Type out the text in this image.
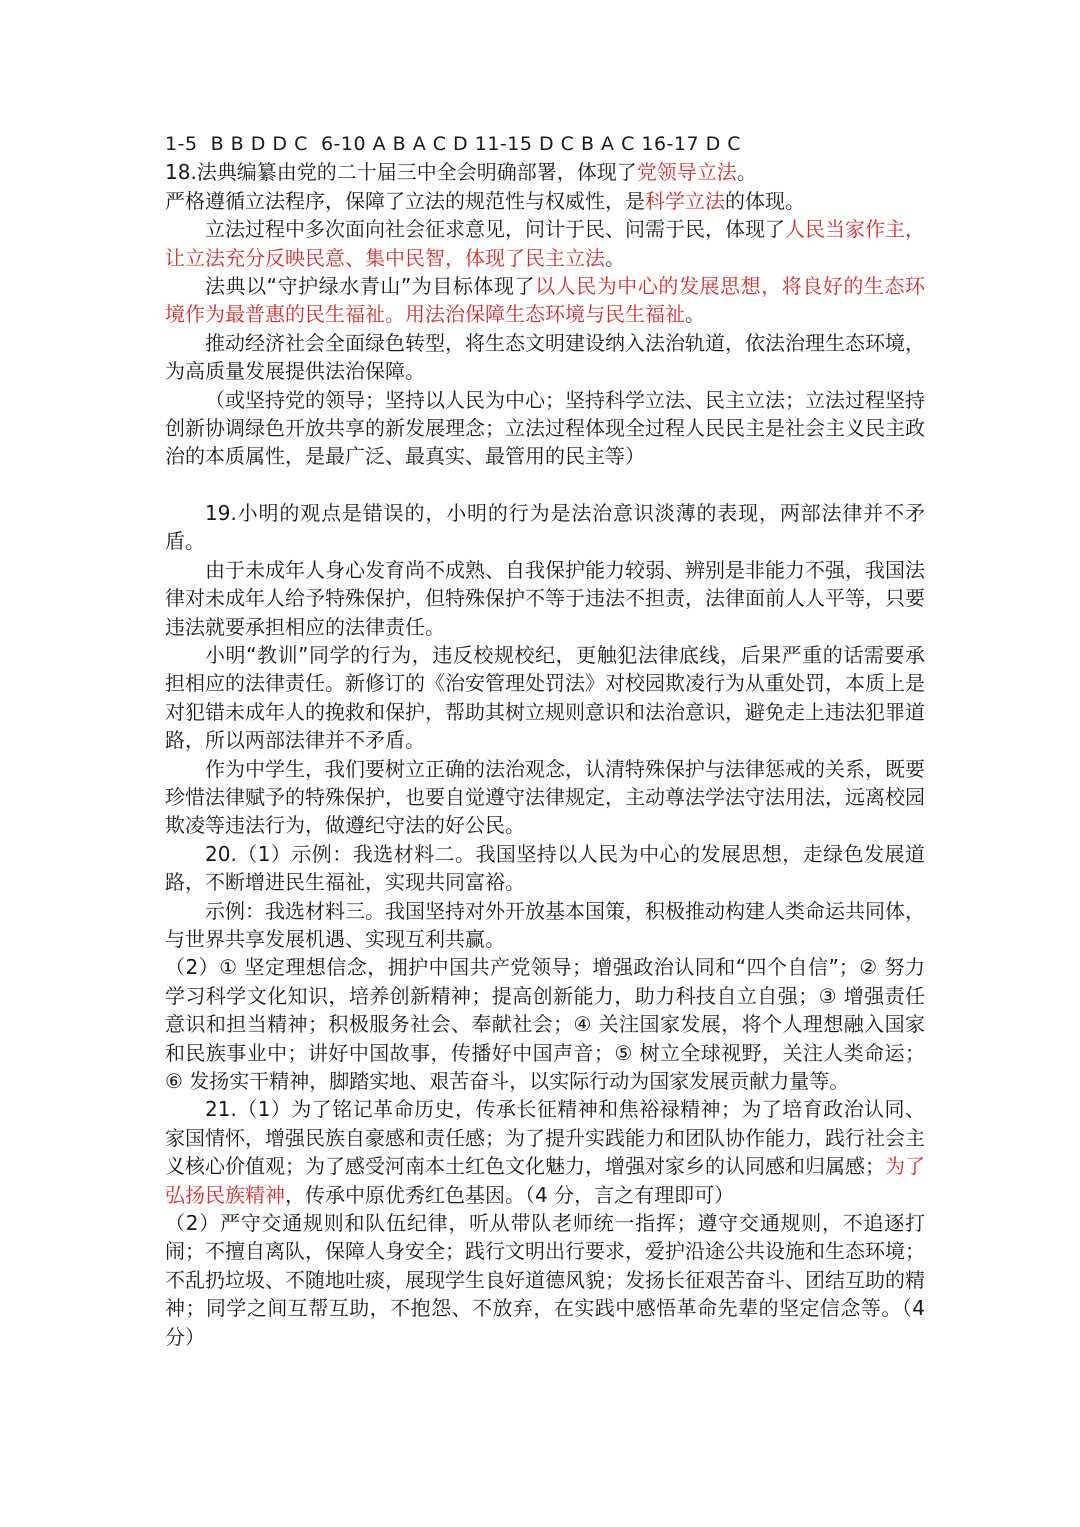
1-5  B B D D C  6-10 A B A C D 11-15 D C B A C 16-17 D C

18.法典编纂由党的二十届三中全会明确部署，体现了党领导立法。

严格遵循立法程序，保障了立法的规范性与权威性，是科学立法的体现。

立法过程中多次面向社会征求意见，问计于民、问需于民，体现了人民当家作主，让立法充分反映民意、集中民智，体现了民主立法。

法典以“守护绿水青山”为目标体现了以人民为中心的发展思想，将良好的生态环境作为最普惠的民生福祉。用法治保障生态环境与民生福祉。

推动经济社会全面绿色转型，将生态文明建设纳入法治轨道，依法治理生态环境，为高质量发展提供法治保障。

（或坚持党的领导；坚持以人民为中心；坚持科学立法、民主立法；立法过程坚持创新协调绿色开放共享的新发展理念；立法过程体现全过程人民民主是社会主义民主政治的本质属性，是最广泛、最真实、最管用的民主等）

19.小明的观点是错误的，小明的行为是法治意识淡薄的表现，两部法律并不矛盾。

由于未成年人身心发育尚不成熟、自我保护能力较弱、辨别是非能力不强，我国法律对未成年人给予特殊保护，但特殊保护不等于违法不担责，法律面前人人平等，只要违法就要承担相应的法律责任。

小明“教训”同学的行为，违反校规校纪，更触犯法律底线，后果严重的话需要承担相应的法律责任。新修订的《治安管理处罚法》对校园欺凌行为从重处罚，本质上是对犯错未成年人的挽救和保护，帮助其树立规则意识和法治意识，避免走上违法犯罪道路，所以两部法律并不矛盾。

作为中学生，我们要树立正确的法治观念，认清特殊保护与法律惩戒的关系，既要珍惜法律赋予的特殊保护，也要自觉遵守法律规定，主动尊法学法守法用法，远离校园欺凌等违法行为，做遵纪守法的好公民。

20.（1）示例：我选材料二。我国坚持以人民为中心的发展思想，走绿色发展道路，不断增进民生福祉，实现共同富裕。

示例：我选材料三。我国坚持对外开放基本国策，积极推动构建人类命运共同体，与世界共享发展机遇、实现互利共赢。

（2）① 坚定理想信念，拥护中国共产党领导；增强政治认同和“四个自信”；② 努力学习科学文化知识，培养创新精神；提高创新能力，助力科技自立自强；③ 增强责任意识和担当精神；积极服务社会、奉献社会；④ 关注国家发展，将个人理想融入国家和民族事业中；讲好中国故事，传播好中国声音；⑤ 树立全球视野，关注人类命运；⑥ 发扬实干精神，脚踏实地、艰苦奋斗，以实际行动为国家发展贡献力量等。

21.（1）为了铭记革命历史，传承长征精神和焦裕禄精神；为了培育政治认同、家国情怀，增强民族自豪感和责任感；为了提升实践能力和团队协作能力，践行社会主义核心价值观；为了感受河南本土红色文化魅力，增强对家乡的认同感和归属感；为了弘扬民族精神，传承中原优秀红色基因。（4 分，言之有理即可）

（2）严守交通规则和队伍纪律，听从带队老师统一指挥；遵守交通规则，不追逐打闹；不擅自离队，保障人身安全；践行文明出行要求，爱护沿途公共设施和生态环境；不乱扔垃圾、不随地吐痰，展现学生良好道德风貌；发扬长征艰苦奋斗、团结互助的精神；同学之间互帮互助，不抱怨、不放弃，在实践中感悟革命先辈的坚定信念等。（4分）
